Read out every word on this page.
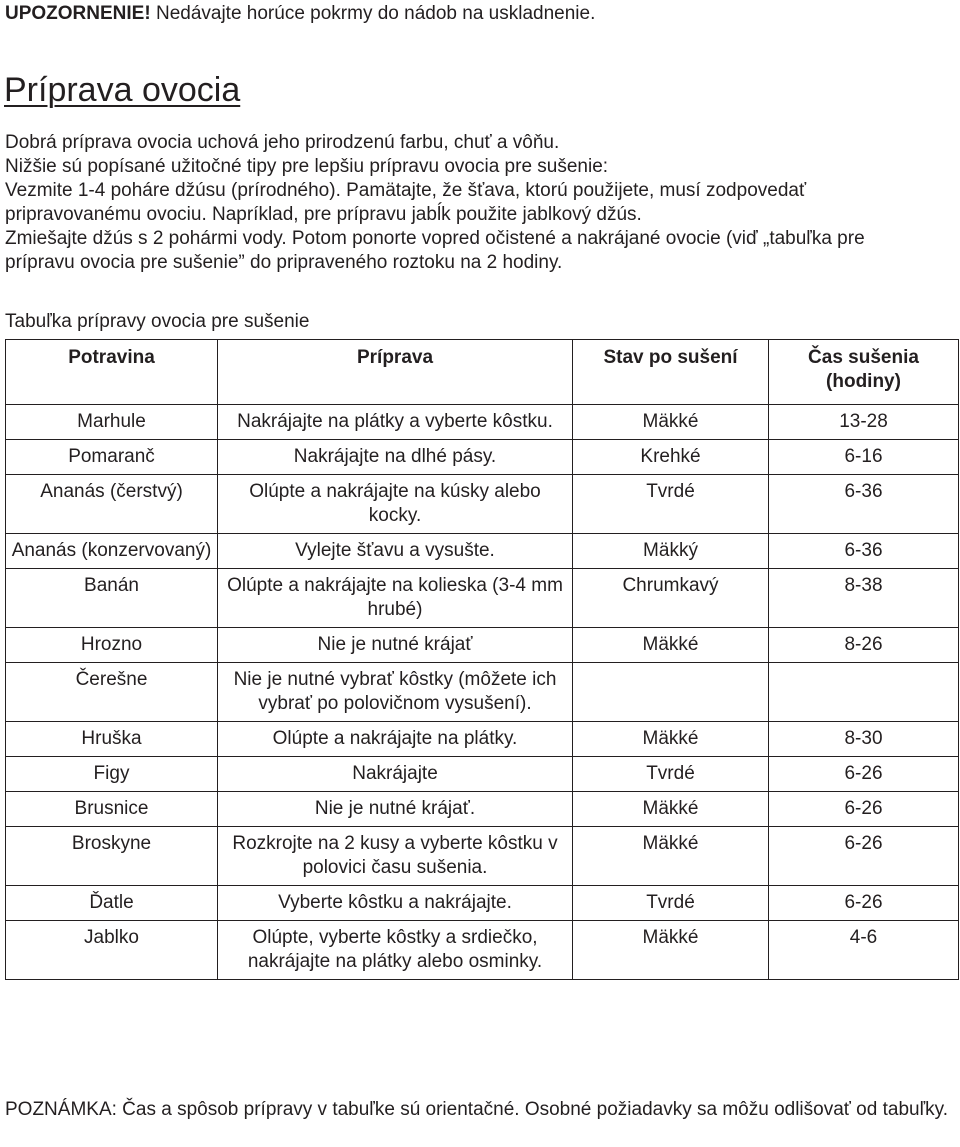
UPOZORNENIE! Nedávajte horúce pokrmy do nádob na uskladnenie.
Príprava ovocia
Dobrá príprava ovocia uchová jeho prirodzenú farbu, chuť a vôňu.
Nižšie sú popísané užitočné tipy pre lepšiu prípravu ovocia pre sušenie:
Vezmite 1-4 poháre džúsu (prírodného). Pamätajte, že šťava, ktorú použijete, musí zodpovedať
pripravovanému ovociu. Napríklad, pre prípravu jabĺk použite jablkový džús.
Zmiešajte džús s 2 pohármi vody. Potom ponorte vopred očistené a nakrájané ovocie (viď „tabuľka pre
prípravu ovocia pre sušenie” do pripraveného roztoku na 2 hodiny.
Tabuľka prípravy ovocia pre sušenie
Potravina	Príprava	Stav po sušení	Čas sušenia (hodiny)
Marhule	Nakrájajte na plátky a vyberte kôstku.	Mäkké	13-28
Pomaranč	Nakrájajte na dlhé pásy.	Krehké	6-16
Ananás (čerstvý)	Olúpte a nakrájajte na kúsky alebo kocky.	Tvrdé	6-36
Ananás (konzervovaný)	Vylejte šťavu a vysušte.	Mäkký	6-36
Banán	Olúpte a nakrájajte na kolieska (3-4 mm hrubé)	Chrumkavý	8-38
Hrozno	Nie je nutné krájať	Mäkké	8-26
Čerešne	Nie je nutné vybrať kôstky (môžete ich vybrať po polovičnom vysušení).		
Hruška	Olúpte a nakrájajte na plátky.	Mäkké	8-30
Figy	Nakrájajte	Tvrdé	6-26
Brusnice	Nie je nutné krájať.	Mäkké	6-26
Broskyne	Rozkrojte na 2 kusy a vyberte kôstku v polovici času sušenia.	Mäkké	6-26
Ďatle	Vyberte kôstku a nakrájajte.	Tvrdé	6-26
Jablko	Olúpte, vyberte kôstky a srdiečko, nakrájajte na plátky alebo osminky.	Mäkké	4-6
POZNÁMKA: Čas a spôsob prípravy v tabuľke sú orientačné. Osobné požiadavky sa môžu odlišovať od tabuľky.
